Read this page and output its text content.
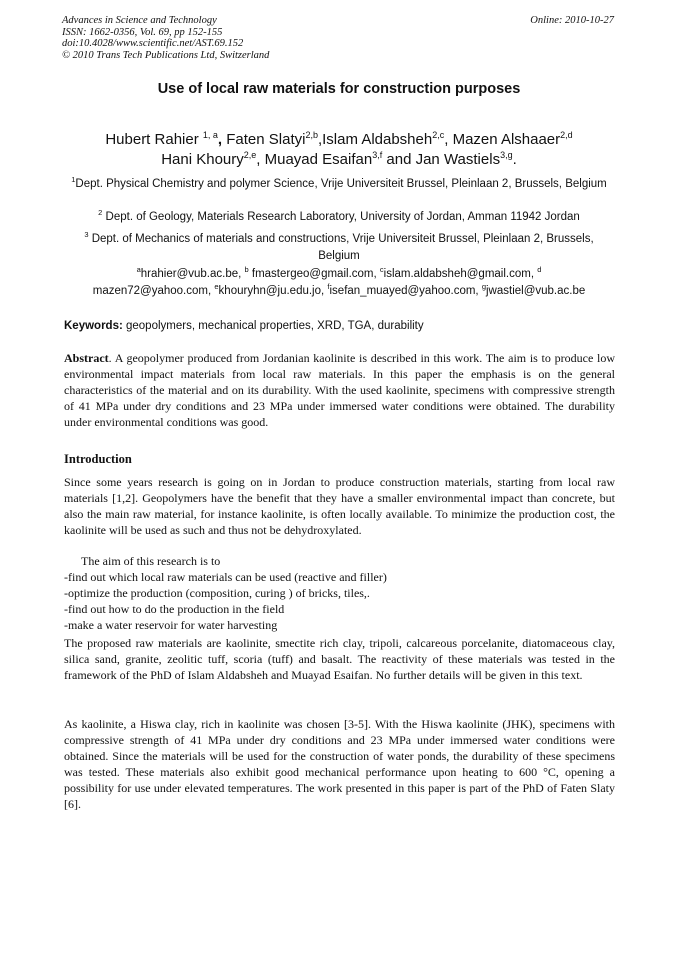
Advances in Science and Technology
ISSN: 1662-0356, Vol. 69, pp 152-155
doi:10.4028/www.scientific.net/AST.69.152
© 2010 Trans Tech Publications Ltd, Switzerland
Online: 2010-10-27
Use of local raw materials for construction purposes
Hubert Rahier $^{1, a}$, Faten Slatyi$^{2,b}$,Islam Aldabsheh$^{2,c}$, Mazen Alshaaer$^{2,d}$
Hani Khoury$^{2,e}$, Muayad Esaifan$^{3,f}$ and Jan Wastiels$^{3,g}$.
$^1$Dept. Physical Chemistry and polymer Science, Vrije Universiteit Brussel, Pleinlaan 2, Brussels, Belgium
$^2$ Dept. of Geology, Materials Research Laboratory, University of Jordan, Amman 11942 Jordan
$^3$ Dept. of Mechanics of materials and constructions, Vrije Universiteit Brussel, Pleinlaan 2, Brussels, Belgium
$^a$hrahier@vub.ac.be, $^b$ fmastergeo@gmail.com, $^c$islam.aldabsheh@gmail.com, $^d$
mazen72@yahoo.com, $^e$khouryhn@ju.edu.jo, $^f$isefan_muayed@yahoo.com, $^g$jwastiel@vub.ac.be
Keywords: geopolymers, mechanical properties, XRD, TGA, durability
Abstract. A geopolymer produced from Jordanian kaolinite is described in this work. The aim is to produce low environmental impact materials from local raw materials. In this paper the emphasis is on the general characteristics of the material and on its durability. With the used kaolinite, specimens with compressive strength of 41 MPa under dry conditions and 23 MPa under immersed water conditions were obtained. The durability under environmental conditions was good.
Introduction
Since some years research is going on in Jordan to produce construction materials, starting from local raw materials [1,2]. Geopolymers have the benefit that they have a smaller environmental impact than concrete, but also the main raw material, for instance kaolinite, is often locally available. To minimize the production cost, the kaolinite will be used as such and thus not be dehydroxylated.
The aim of this research is to
-find out which local raw materials can be used (reactive and filler)
-optimize the production (composition, curing ) of bricks, tiles,.
-find out how to do the production in the field
-make a water reservoir for water harvesting
The proposed raw materials are kaolinite, smectite rich clay, tripoli, calcareous porcelanite, diatomaceous clay, silica sand, granite, zeolitic tuff, scoria (tuff) and basalt. The reactivity of these materials was tested in the framework of the PhD of Islam Aldabsheh and Muayad Esaifan. No further details will be given in this text.
As kaolinite, a Hiswa clay, rich in kaolinite was chosen [3-5]. With the Hiswa kaolinite (JHK), specimens with compressive strength of 41 MPa under dry conditions and 23 MPa under immersed water conditions were obtained. Since the materials will be used for the construction of water ponds, the durability of these specimens was tested. These materials also exhibit good mechanical performance upon heating to 600 °C, opening a possibility for use under elevated temperatures. The work presented in this paper is part of the PhD of Faten Slaty [6].
